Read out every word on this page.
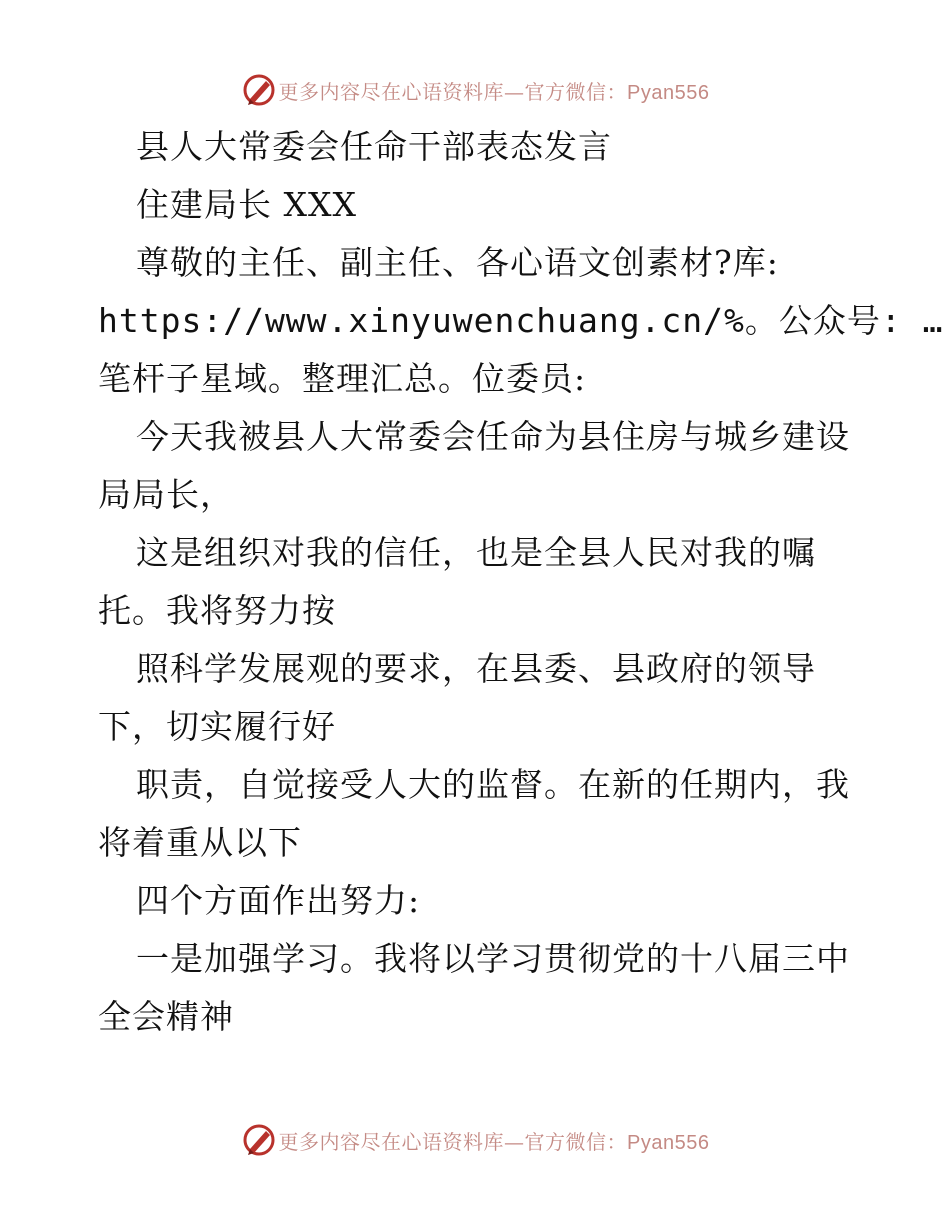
更多内容尽在心语资料库—官方微信：Pyan556
县人大常委会任命干部表态发言
住建局长 XXX
尊敬的主任、副主任、各心语文创素材?库:
https://www.xinyuwenchuang.cn/%。公众号: …
笔杆子星域。整理汇总。位委员:
今天我被县人大常委会任命为县住房与城乡建设
局局长，
这是组织对我的信任，也是全县人民对我的嘱
托。我将努力按
照科学发展观的要求，在县委、县政府的领导
下，切实履行好
职责，自觉接受人大的监督。在新的任期内，我
将着重从以下
四个方面作出努力:
一是加强学习。我将以学习贯彻党的十八届三中
全会精神
更多内容尽在心语资料库—官方微信：Pyan556
